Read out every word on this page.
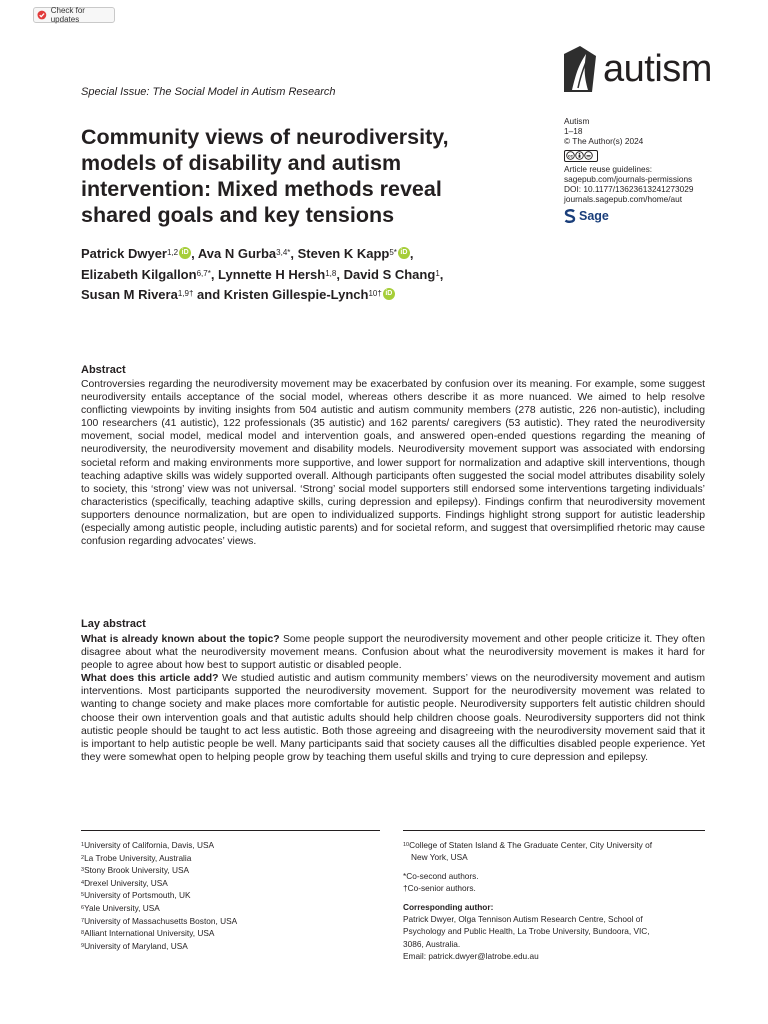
Check for updates
autism
Special Issue: The Social Model in Autism Research
Community views of neurodiversity, models of disability and autism intervention: Mixed methods reveal shared goals and key tensions
Autism
1–18
© The Author(s) 2024
cc
Article reuse guidelines:
sagepub.com/journals-permissions
DOI: 10.1177/13623613241273029
journals.sagepub.com/home/aut
Sage
Patrick Dwyer$^{1,2}$ iD , Ava N Gurba$^{3,4*}$, Steven K Kapp$^{5*}$ iD ,
Elizabeth Kilgallon$^{6,7*}$, Lynnette H Hersh$^{1,8}$, David S Chang$^1$,
Susan M Rivera$^{1,9\dagger}$ and Kristen Gillespie-Lynch$^{10\dagger}$ iD
Abstract

Controversies regarding the neurodiversity movement may be exacerbated by confusion over its meaning. For example, some suggest neurodiversity entails acceptance of the social model, whereas others describe it as more nuanced. We aimed to help resolve conflicting viewpoints by inviting insights from 504 autistic and autism community members (278 autistic, 226 non-autistic), including 100 researchers (41 autistic), 122 professionals (35 autistic) and 162 parents/ caregivers (53 autistic). They rated the neurodiversity movement, social model, medical model and intervention goals, and answered open-ended questions regarding the meaning of neurodiversity, the neurodiversity movement and disability models. Neurodiversity movement support was associated with endorsing societal reform and making environments more supportive, and lower support for normalization and adaptive skill interventions, though teaching adaptive skills was widely supported overall. Although participants often suggested the social model attributes disability solely to society, this ‘strong’ view was not universal. ‘Strong’ social model supporters still endorsed some interventions targeting individuals’ characteristics (specifically, teaching adaptive skills, curing depression and epilepsy). Findings confirm that neurodiversity movement supporters denounce normalization, but are open to individualized supports. Findings highlight strong support for autistic leadership (especially among autistic people, including autistic parents) and for societal reform, and suggest that oversimplified rhetoric may cause confusion regarding advocates’ views.

Lay abstract

What is already known about the topic? Some people support the neurodiversity movement and other people criticize it. They often disagree about what the neurodiversity movement means. Confusion about what the neurodiversity movement is makes it hard for people to agree about how best to support autistic or disabled people.

What does this article add? We studied autistic and autism community members’ views on the neurodiversity movement and autism interventions. Most participants supported the neurodiversity movement. Support for the neurodiversity movement was related to wanting to change society and make places more comfortable for autistic people. Neurodiversity supporters felt autistic children should choose their own intervention goals and that autistic adults should help children choose goals. Neurodiversity supporters did not think autistic people should be taught to act less autistic. Both those agreeing and disagreeing with the neurodiversity movement said that it is important to help autistic people be well. Many participants said that society causes all the difficulties disabled people experience. Yet they were somewhat open to helping people grow by teaching them useful skills and trying to cure depression and epilepsy.

$^1$University of California, Davis, USA
$^2$La Trobe University, Australia
$^3$Stony Brook University, USA
$^4$Drexel University, USA
$^5$University of Portsmouth, UK
$^6$Yale University, USA
$^7$University of Massachusetts Boston, USA
$^8$Alliant International University, USA
$^9$University of Maryland, USA
$^{10}$College of Staten Island & The Graduate Center, City University of
New York, USA
*Co-second authors.
†Co-senior authors.
Corresponding author:
Patrick Dwyer, Olga Tennison Autism Research Centre, School of
Psychology and Public Health, La Trobe University, Bundoora, VIC,
3086, Australia.
Email: patrick.dwyer@latrobe.edu.au
